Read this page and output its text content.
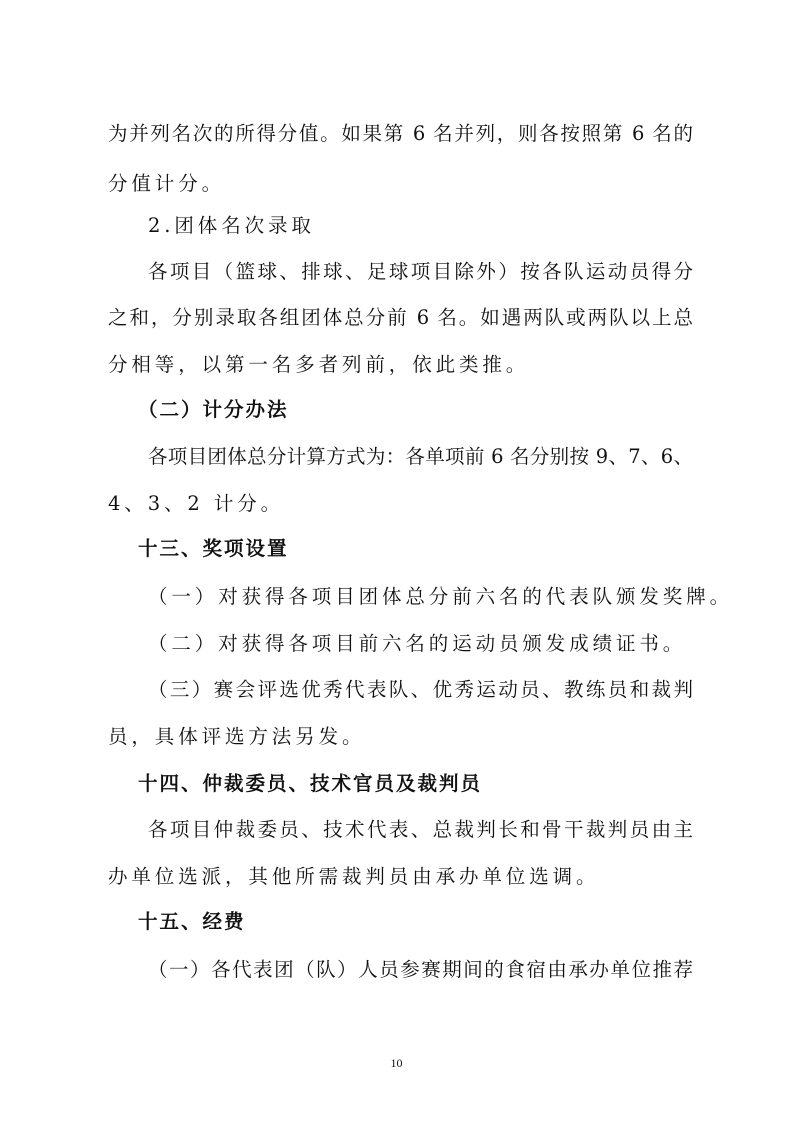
为并列名次的所得分值。如果第 6 名并列，则各按照第 6 名的
分值计分。
2.团体名次录取
各项目（篮球、排球、足球项目除外）按各队运动员得分
之和，分别录取各组团体总分前 6 名。如遇两队或两队以上总
分相等，以第一名多者列前，依此类推。
（二）计分办法
各项目团体总分计算方式为：各单项前 6 名分别按 9、7、6、
4、3、2 计分。
十三、奖项设置
（一）对获得各项目团体总分前六名的代表队颁发奖牌。
（二）对获得各项目前六名的运动员颁发成绩证书。
（三）赛会评选优秀代表队、优秀运动员、教练员和裁判
员，具体评选方法另发。
十四、仲裁委员、技术官员及裁判员
各项目仲裁委员、技术代表、总裁判长和骨干裁判员由主
办单位选派，其他所需裁判员由承办单位选调。
十五、经费
（一）各代表团（队）人员参赛期间的食宿由承办单位推荐
10
